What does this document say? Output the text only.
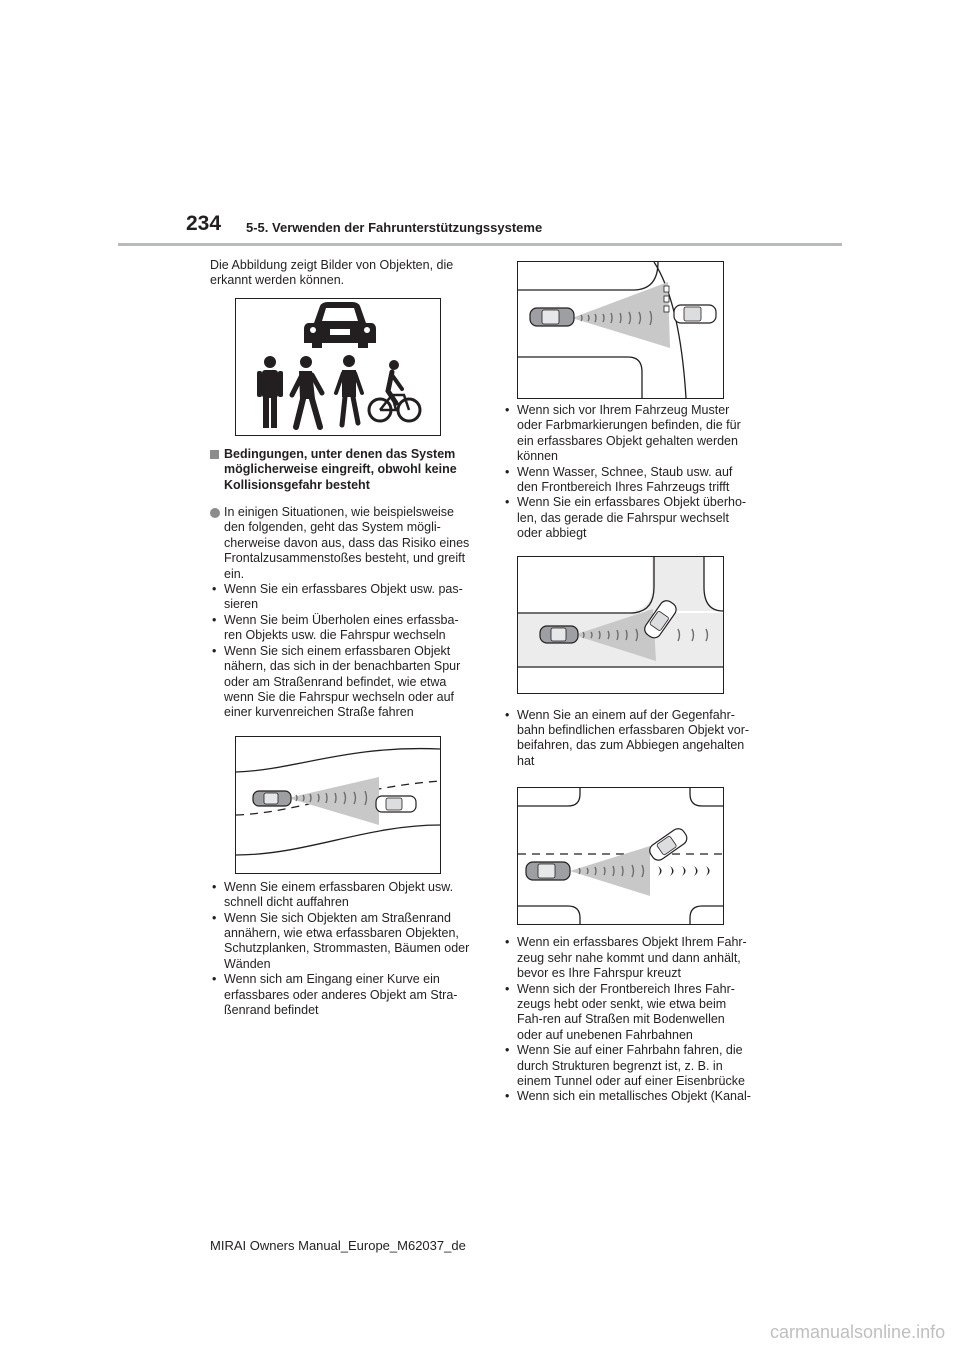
234 5-5. Verwenden der Fahrunterstützungssysteme

Die Abbildung zeigt Bilder von Objekten, die erkannt werden können.

Bedingungen, unter denen das System möglicherweise eingreift, obwohl keine Kollisionsgefahr besteht
In einigen Situationen, wie beispielsweise den folgenden, geht das System mögli-cherweise davon aus, dass das Risiko eines Frontalzusammenstoßes besteht, und greift ein.
• Wenn Sie ein erfassbares Objekt usw. pas-sieren
• Wenn Sie beim Überholen eines erfassba-ren Objekts usw. die Fahrspur wechseln
• Wenn Sie sich einem erfassbaren Objekt nähern, das sich in der benachbarten Spur oder am Straßenrand befindet, wie etwa wenn Sie die Fahrspur wechseln oder auf einer kurvenreichen Straße fahren
• Wenn Sie einem erfassbaren Objekt usw. schnell dicht auffahren
• Wenn Sie sich Objekten am Straßenrand annähern, wie etwa erfassbaren Objekten, Schutzplanken, Strommasten, Bäumen oder Wänden
• Wenn sich am Eingang einer Kurve ein erfassbares oder anderes Objekt am Stra-ßenrand befindet
• Wenn sich vor Ihrem Fahrzeug Muster oder Farbmarkierungen befinden, die für ein erfassbares Objekt gehalten werden können
• Wenn Wasser, Schnee, Staub usw. auf den Frontbereich Ihres Fahrzeugs trifft
• Wenn Sie ein erfassbares Objekt überho-len, das gerade die Fahrspur wechselt oder abbiegt
• Wenn Sie an einem auf der Gegenfahr-bahn befindlichen erfassbaren Objekt vor-beifahren, das zum Abbiegen angehalten hat
• Wenn ein erfassbares Objekt Ihrem Fahr-zeug sehr nahe kommt und dann anhält, bevor es Ihre Fahrspur kreuzt
• Wenn sich der Frontbereich Ihres Fahr-zeugs hebt oder senkt, wie etwa beim Fah-ren auf Straßen mit Bodenwellen oder auf unebenen Fahrbahnen
• Wenn Sie auf einer Fahrbahn fahren, die durch Strukturen begrenzt ist, z. B. in einem Tunnel oder auf einer Eisenbrücke
• Wenn sich ein metallisches Objekt (Kanal-
MIRAI Owners Manual_Europe_M62037_de
carmanualsonline.info
